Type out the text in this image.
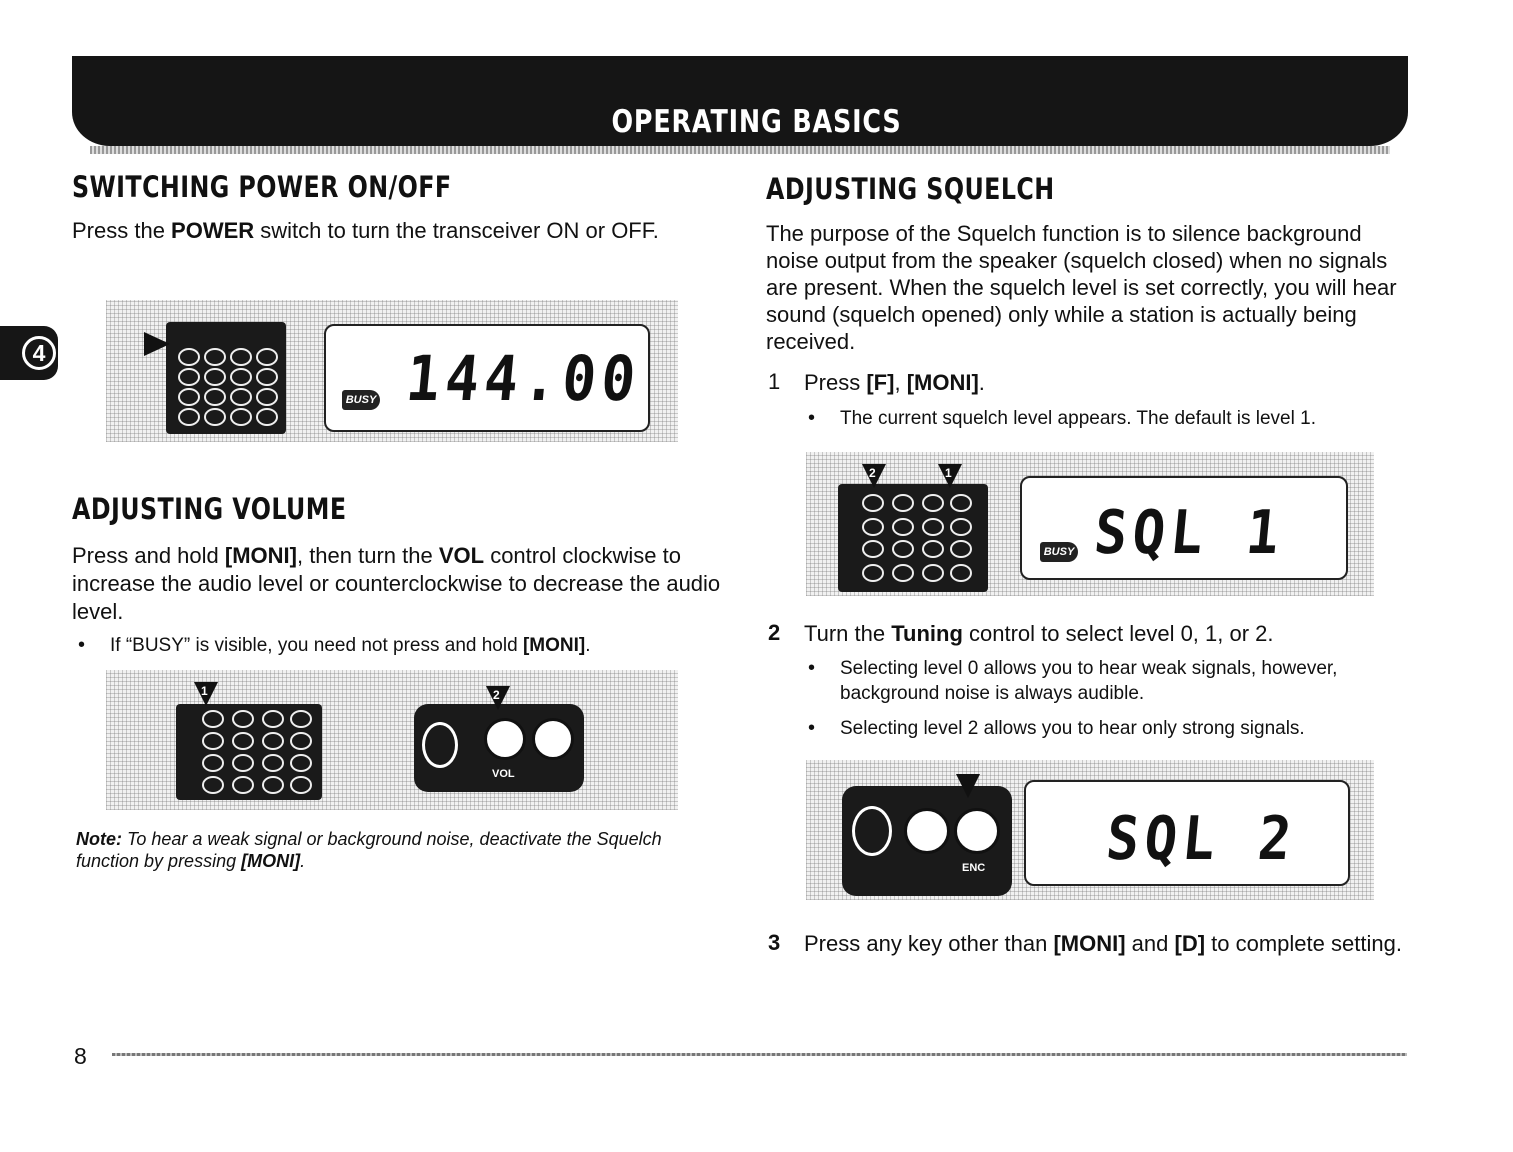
OPERATING BASICS
4
SWITCHING POWER ON/OFF
Press the POWER switch to turn the transceiver ON or OFF.
BUSY 144.00
ADJUSTING VOLUME
Press and hold [MONI], then turn the VOL control clockwise to increase the audio level or counterclockwise to decrease the audio level.
• If “BUSY” is visible, you need not press and hold [MONI].
1
VOL
2
Note: To hear a weak signal or background noise, deactivate the Squelch function by pressing [MONI].
ADJUSTING SQUELCH
The purpose of the Squelch function is to silence background noise output from the speaker (squelch closed) when no signals are present. When the squelch level is set correctly, you will hear sound (squelch opened) only while a station is actually being received.
1 Press [F], [MONI].
• The current squelch level appears. The default is level 1.
2	1
BUSY SQL 1
2 Turn the Tuning control to select level 0, 1, or 2.
• Selecting level 0 allows you to hear weak signals, however, background noise is always audible.
• Selecting level 2 allows you to hear only strong signals.
ENC SQL 2
3 Press any key other than [MONI] and [D] to complete setting.
8
